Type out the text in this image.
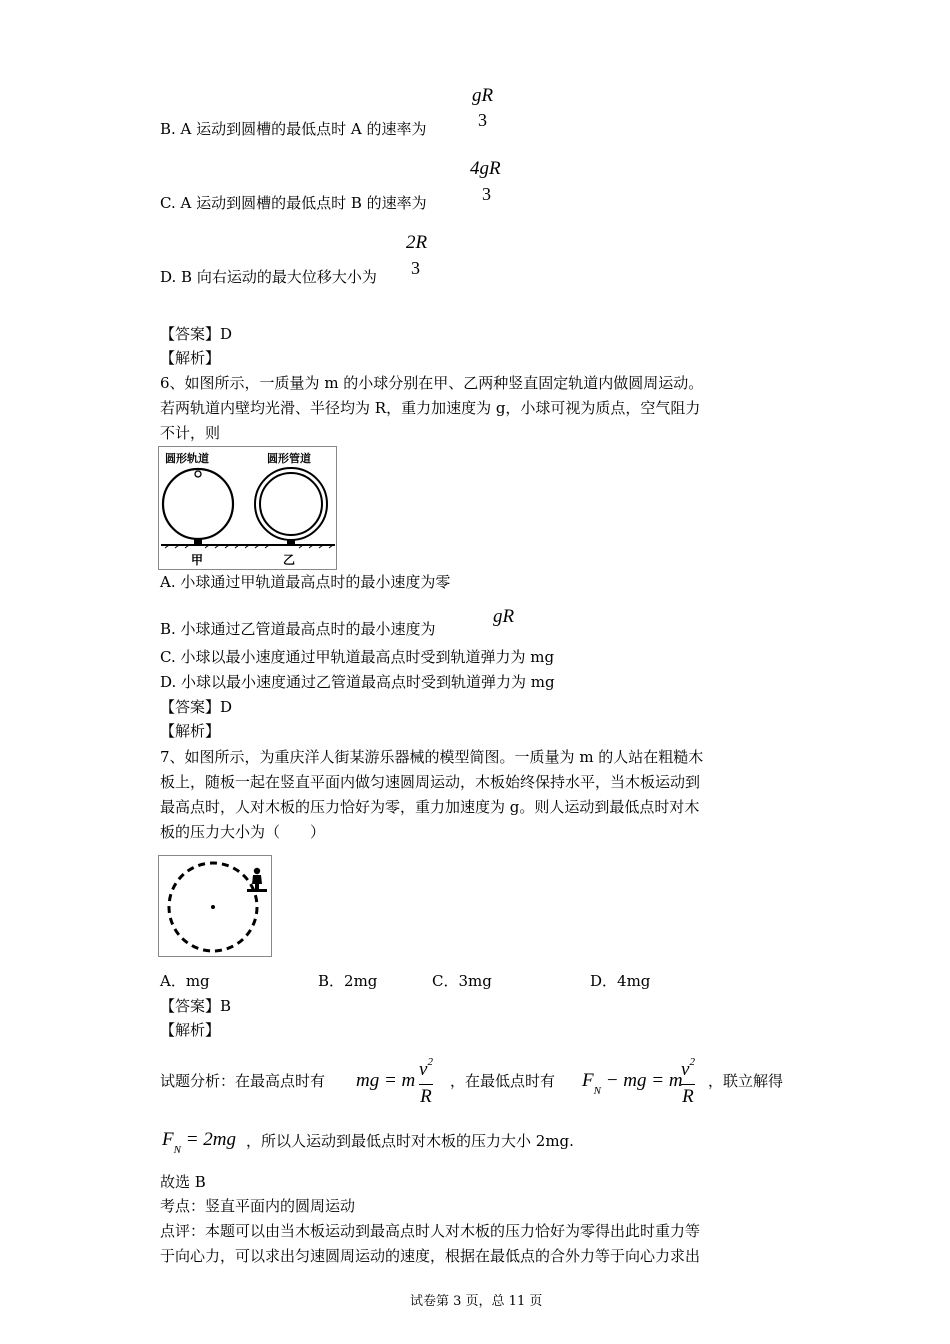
gR
3
B. A 运动到圆槽的最低点时 A 的速率为
4gR
3
C. A 运动到圆槽的最低点时 B 的速率为
2R
3
D. B 向右运动的最大位移大小为
【答案】D
【解析】
6、如图所示，一质量为 m 的小球分别在甲、乙两种竖直固定轨道内做圆周运动。
若两轨道内壁均光滑、半径均为 R，重力加速度为 g，小球可视为质点，空气阻力
不计，则
圆形轨道	圆形管道
甲	乙
A. 小球通过甲轨道最高点时的最小速度为零
B. 小球通过乙管道最高点时的最小速度为
gR
C. 小球以最小速度通过甲轨道最高点时受到轨道弹力为 mg
D. 小球以最小速度通过乙管道最高点时受到轨道弹力为 mg
【答案】D
【解析】
7、如图所示，为重庆洋人街某游乐器械的模型简图。一质量为 m 的人站在粗糙木
板上，随板一起在竖直平面内做匀速圆周运动，木板始终保持水平，当木板运动到
最高点时，人对木板的压力恰好为零，重力加速度为 g。则人运动到最低点时对木
板的压力大小为（　　）
A．mg	B．2mg	C．3mg	D．4mg
【答案】B
【解析】
试题分析：在最高点时有 mg = m
$v^2$
R
，在最低点时有 $F_N$ − mg = m
$v^2$
R
，联立解得
$F_N = 2mg$ ，所以人运动到最低点时对木板的压力大小 2mg.
故选 B
考点：竖直平面内的圆周运动
点评：本题可以由当木板运动到最高点时人对木板的压力恰好为零得出此时重力等
于向心力，可以求出匀速圆周运动的速度，根据在最低点的合外力等于向心力求出
试卷第 3 页，总 11 页
